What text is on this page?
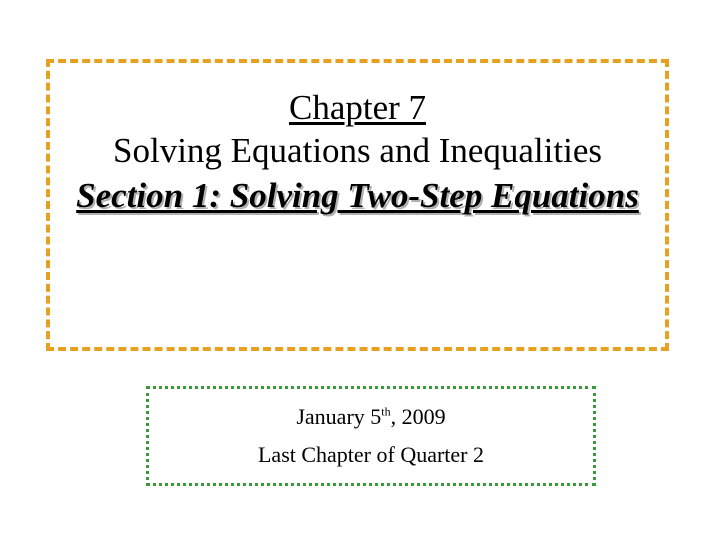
Chapter 7
Solving Equations and Inequalities
Section 1: Solving Two-Step Equations
January 5th, 2009
Last Chapter of Quarter 2
